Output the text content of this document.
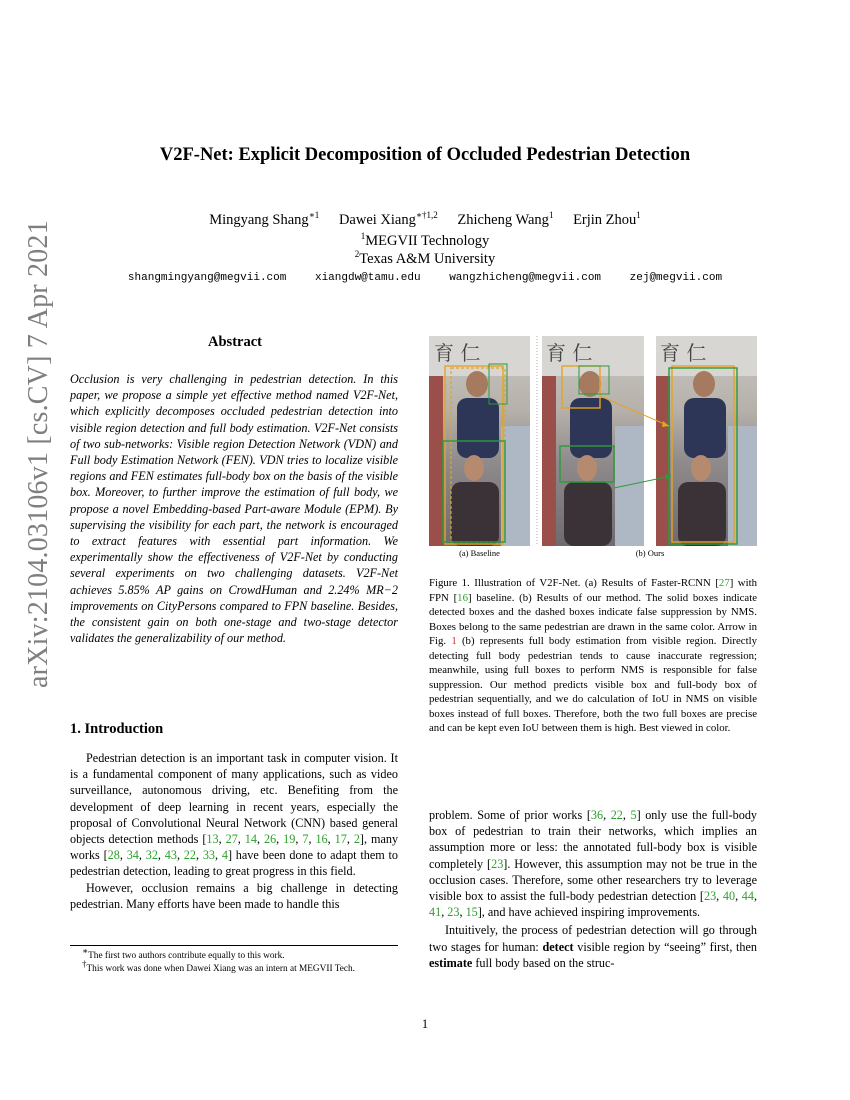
V2F-Net: Explicit Decomposition of Occluded Pedestrian Detection
Mingyang Shang$^{∗1}$ Dawei Xiang$^{∗\dagger 1,2}$ Zhicheng Wang$^1$ Erjin Zhou$^1$
$^1$MEGVII Technology
$^2$Texas A&M University
shangmingyang@megvii.com	xiangdw@tamu.edu	wangzhicheng@megvii.com	zej@megvii.com
arXiv:2104.03106v1 [cs.CV] 7 Apr 2021	Abstract
Occlusion is very challenging in pedestrian detection. In this paper, we propose a simple yet effective method named V2F-Net, which explicitly decomposes occluded pedestrian detection into visible region detection and full body estimation. V2F-Net consists of two sub-networks: Visible region Detection Network (VDN) and Full body Estimation Network (FEN). VDN tries to localize visible regions and FEN estimates full-body box on the basis of the visible box. Moreover, to further improve the estimation of full body, we propose a novel Embedding-based Part-aware Module (EPM). By supervising the visibility for each part, the network is encouraged to extract features with essential part information. We experimentally show the effectiveness of V2F-Net by conducting several experiments on two challenging datasets. V2F-Net achieves 5.85% AP gains on CrowdHuman and 2.24% MR−2 improvements on CityPersons compared to FPN baseline. Besides, the consistent gain on both one-stage and two-stage detector validates the generalizability of our method.
1. Introduction

Pedestrian detection is an important task in computer vision. It is a fundamental component of many applications, such as video surveillance, autonomous driving, etc. Benefiting from the development of deep learning in recent years, especially the proposal of Convolutional Neural Network (CNN) based general objects detection methods [13, 27, 14, 26, 19, 7, 16, 17, 2], many works [28, 34, 32, 43, 22, 33, 4] have been done to adapt them to pedestrian detection, leading to great progress in this field.

However, occlusion remains a big challenge in detecting pedestrian. Many efforts have been made to handle this

∗The first two authors contribute equally to this work.

†This work was done when Dawei Xiang was an intern at MEGVII Tech.

育 仁	育 仁	育 仁
(a) Baseline	(b) Ours
Figure 1. Illustration of V2F-Net. (a) Results of Faster-RCNN [27] with FPN [16] baseline. (b) Results of our method. The solid boxes indicate detected boxes and the dashed boxes indicate false suppression by NMS. Boxes belong to the same pedestrian are drawn in the same color. Arrow in Fig. 1 (b) represents full body estimation from visible region. Directly detecting full body pedestrian tends to cause inaccurate regression; meanwhile, using full boxes to perform NMS is responsible for false suppression. Our method predicts visible box and full-body box of pedestrian sequentially, and we do calculation of IoU in NMS on visible boxes instead of full boxes. Therefore, both the two full boxes are precise and can be kept even IoU between them is high. Best viewed in color.

problem. Some of prior works [36, 22, 5] only use the full-body box of pedestrian to train their networks, which implies an assumption more or less: the annotated full-body box is visible completely [23]. However, this assumption may not be true in the occlusion cases. Therefore, some other researchers try to leverage visible box to assist the full-body pedestrian detection [23, 40, 44, 41, 23, 15], and have achieved inspiring improvements.

Intuitively, the process of pedestrian detection will go through two stages for human: detect visible region by “seeing” first, then estimate full body based on the struc-

1
